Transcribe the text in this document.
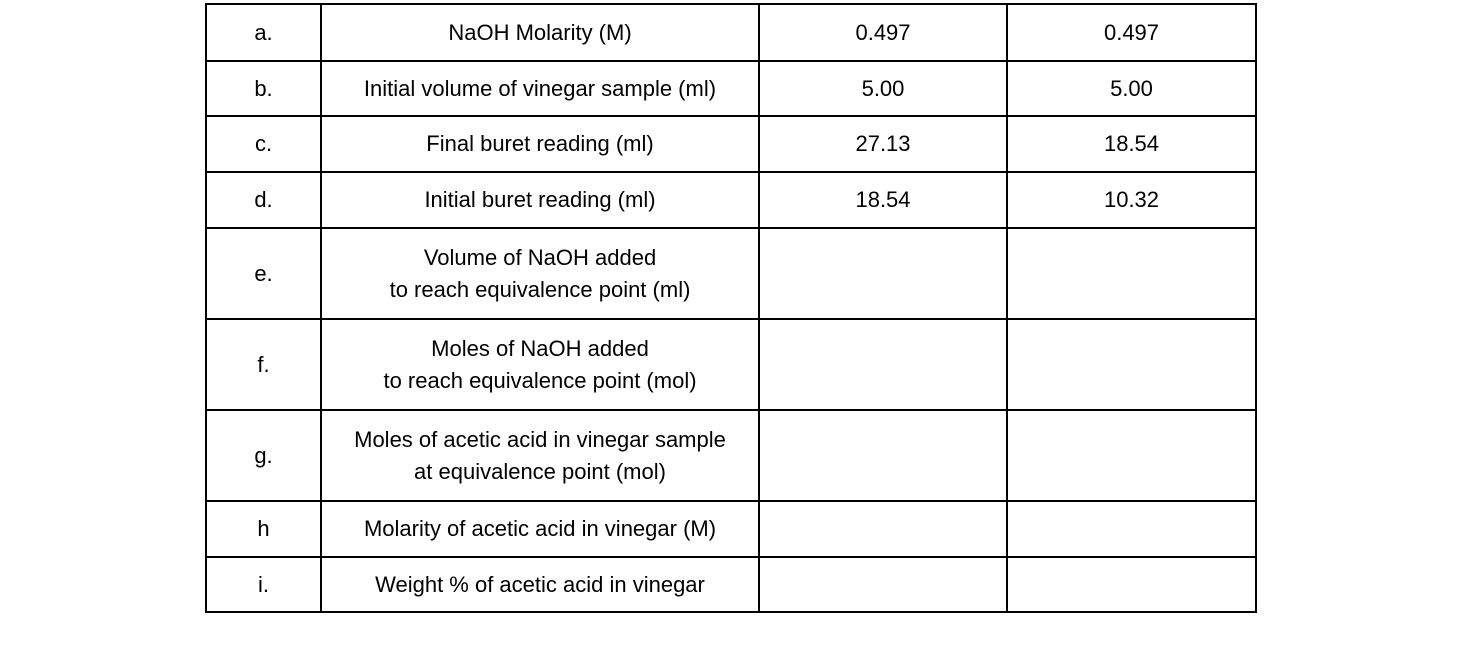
a.	NaOH Molarity (M)	0.497	0.497
b.	Initial volume of vinegar sample (ml)	5.00	5.00
c.	Final buret reading (ml)	27.13	18.54
d.	Initial buret reading (ml)	18.54	10.32
e.	Volume of NaOH added
to reach equivalence point (ml)		

f.	Moles of NaOH added
to reach equivalence point (mol)		

g.	Moles of acetic acid in vinegar sample
at equivalence point (mol)		

h	Molarity of acetic acid in vinegar (M)		

i.	Weight % of acetic acid in vinegar		
